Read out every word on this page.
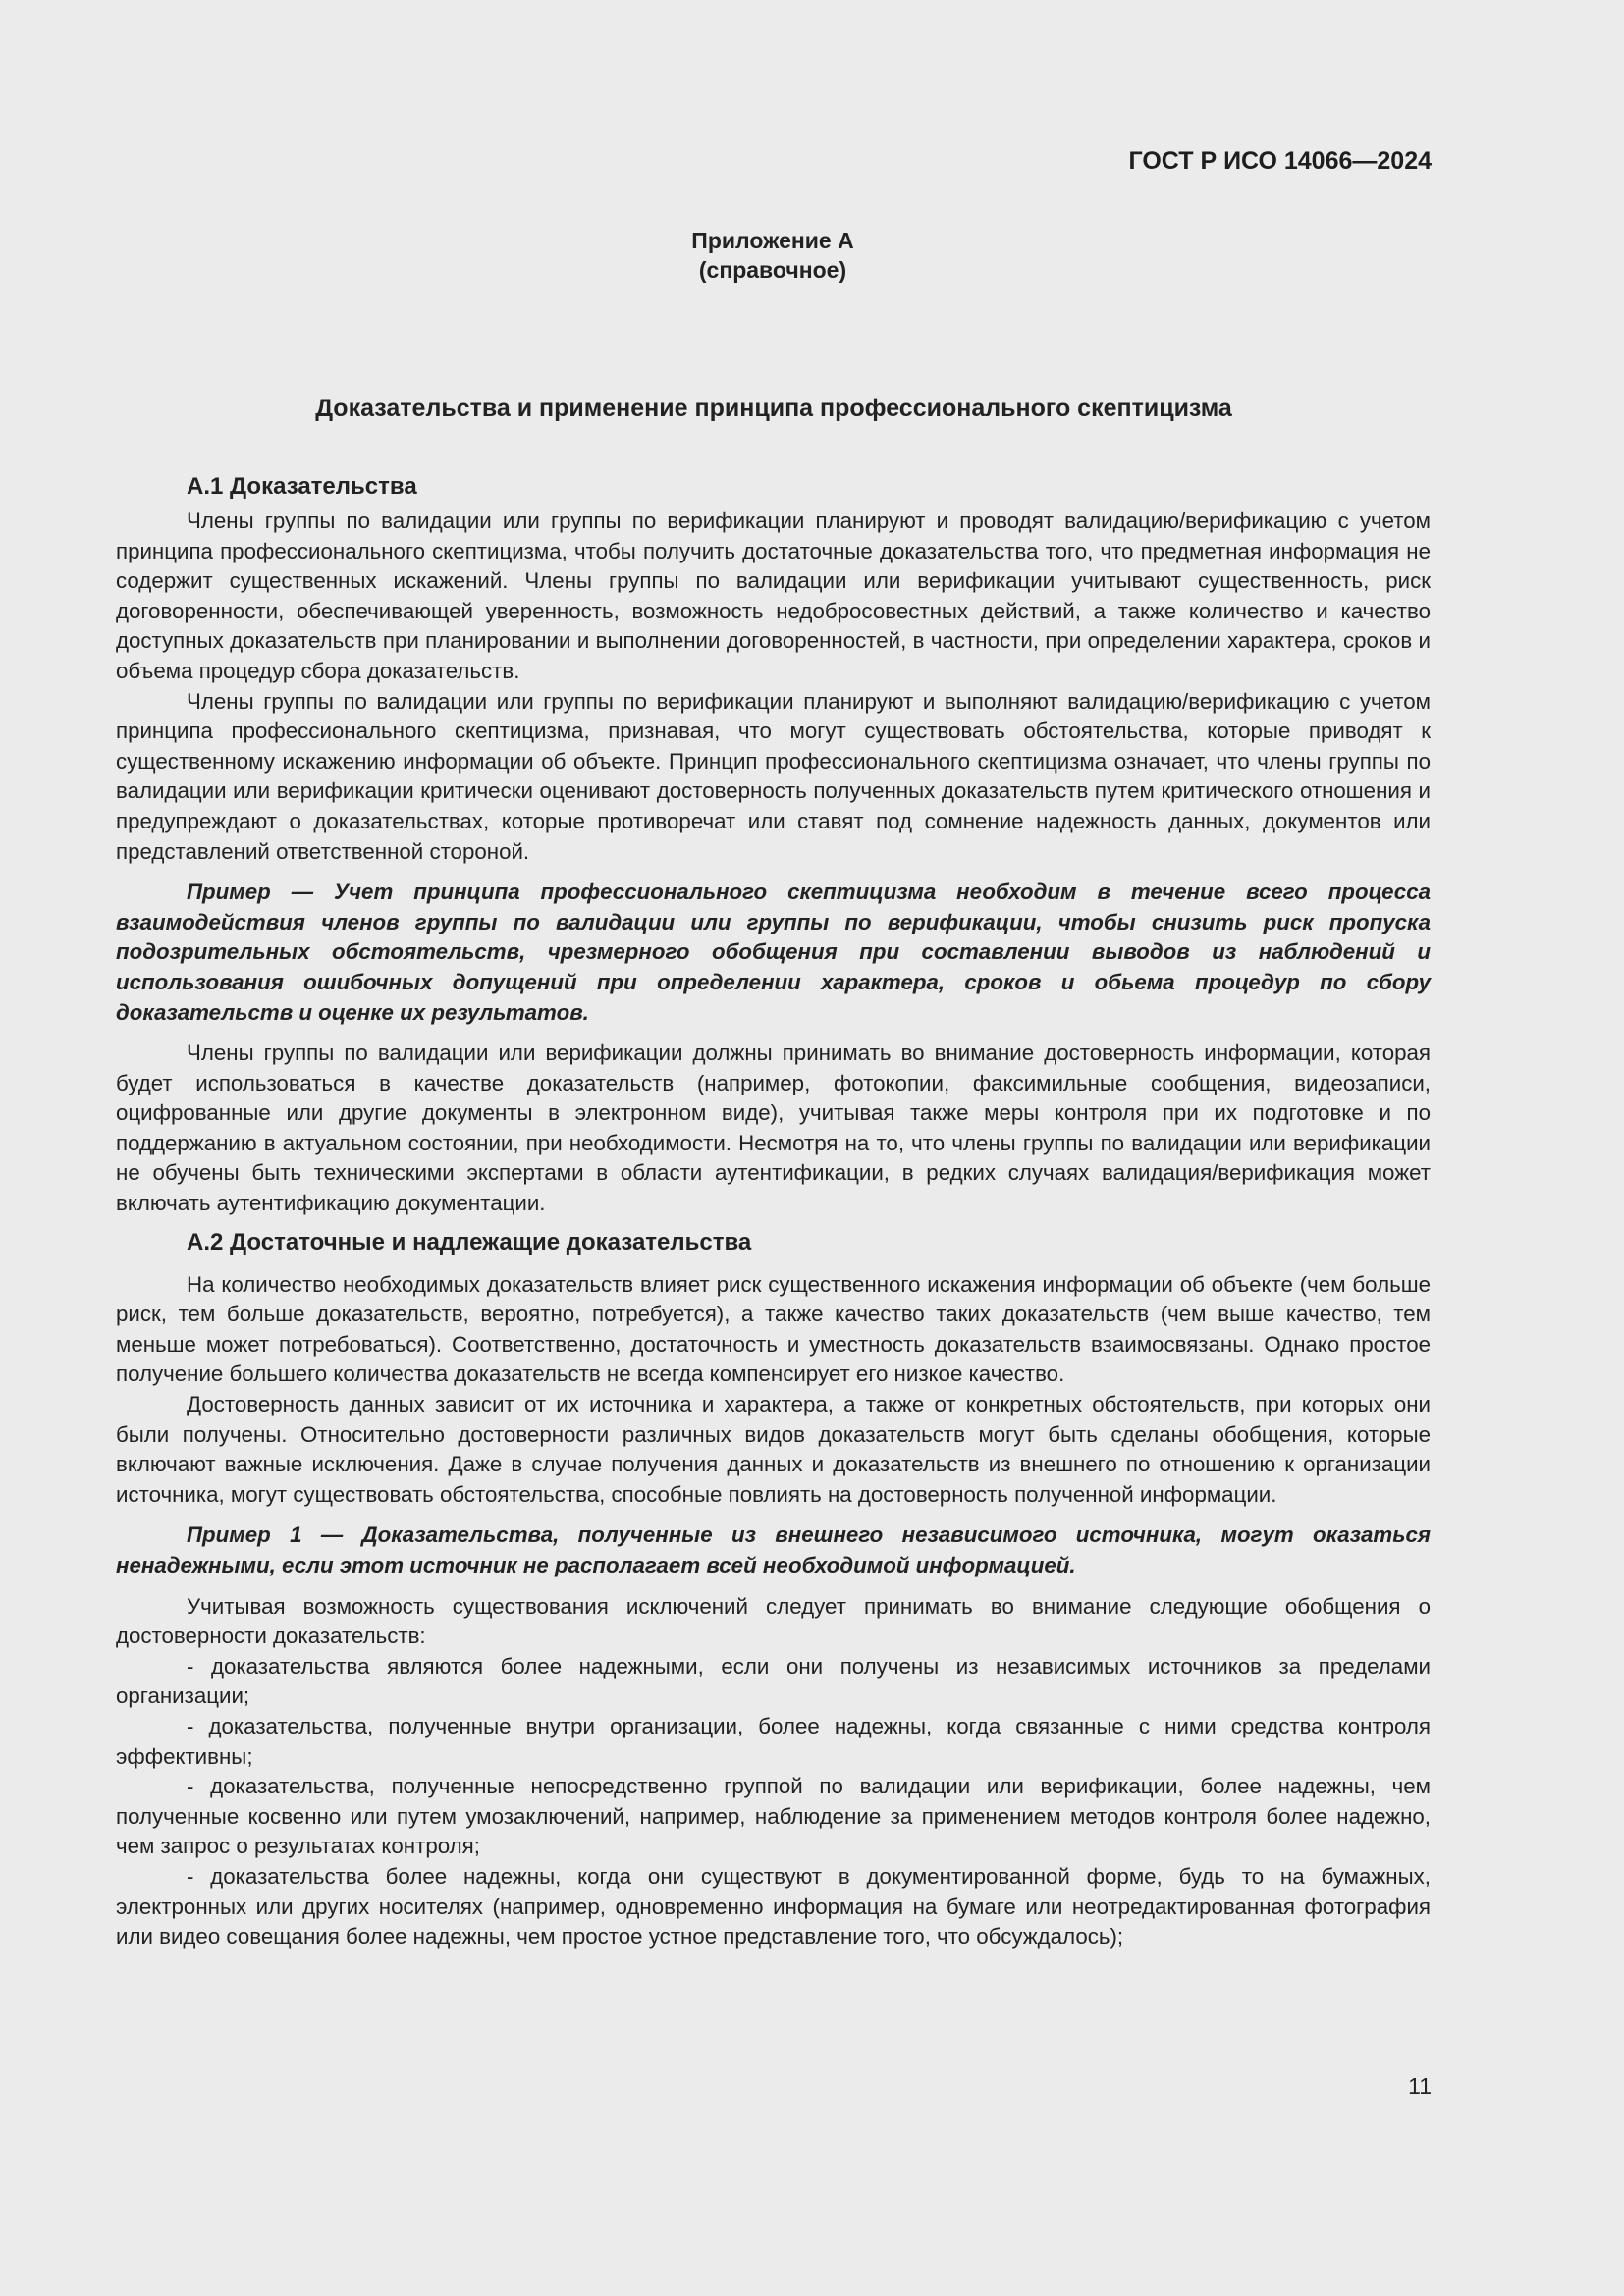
ГОСТ Р ИСО 14066—2024
Приложение А
(справочное)
Доказательства и применение принципа профессионального скептицизма
A.1 Доказательства

Члены группы по валидации или группы по верификации планируют и проводят валидацию/верификацию с учетом принципа профессионального скептицизма, чтобы получить достаточные доказательства того, что предметная информация не содержит существенных искажений. Члены группы по валидации или верификации учитывают существенность, риск договоренности, обеспечивающей уверенность, возможность недобросовестных действий, а также количество и качество доступных доказательств при планировании и выполнении договоренностей, в частности, при определении характера, сроков и объема процедур сбора доказательств.

Члены группы по валидации или группы по верификации планируют и выполняют валидацию/верификацию с учетом принципа профессионального скептицизма, признавая, что могут существовать обстоятельства, которые приводят к существенному искажению информации об объекте. Принцип профессионального скептицизма означает, что члены группы по валидации или верификации критически оценивают достоверность полученных доказательств путем критического отношения и предупреждают о доказательствах, которые противоречат или ставят под сомнение надежность данных, документов или представлений ответственной стороной.

Пример — Учет принципа профессионального скептицизма необходим в течение всего процесса взаимодействия членов группы по валидации или группы по верификации, чтобы снизить риск пропуска подозрительных обстоятельств, чрезмерного обобщения при составлении выводов из наблюдений и использования ошибочных допущений при определении характера, сроков и обьема процедур по сбору доказательств и оценке их результатов.

Члены группы по валидации или верификации должны принимать во внимание достоверность информации, которая будет использоваться в качестве доказательств (например, фотокопии, факсимильные сообщения, видеозаписи, оцифрованные или другие документы в электронном виде), учитывая также меры контроля при их подготовке и по поддержанию в актуальном состоянии, при необходимости. Несмотря на то, что члены группы по валидации или верификации не обучены быть техническими экспертами в области аутентификации, в редких случаях валидация/верификация может включать аутентификацию документации.

A.2 Достаточные и надлежащие доказательства

На количество необходимых доказательств влияет риск существенного искажения информации об объекте (чем больше риск, тем больше доказательств, вероятно, потребуется), а также качество таких доказательств (чем выше качество, тем меньше может потребоваться). Соответственно, достаточность и уместность доказательств взаимосвязаны. Однако простое получение большего количества доказательств не всегда компенсирует его низкое качество.

Достоверность данных зависит от их источника и характера, а также от конкретных обстоятельств, при которых они были получены. Относительно достоверности различных видов доказательств могут быть сделаны обобщения, которые включают важные исключения. Даже в случае получения данных и доказательств из внешнего по отношению к организации источника, могут существовать обстоятельства, способные повлиять на достоверность полученной информации.

Пример 1 — Доказательства, полученные из внешнего независимого источника, могут оказаться ненадежными, если этот источник не располагает всей необходимой информацией.

Учитывая возможность существования исключений следует принимать во внимание следующие обобщения о достоверности доказательств:

- доказательства являются более надежными, если они получены из независимых источников за пределами организации;

- доказательства, полученные внутри организации, более надежны, когда связанные с ними средства контроля эффективны;

- доказательства, полученные непосредственно группой по валидации или верификации, более надежны, чем полученные косвенно или путем умозаключений, например, наблюдение за применением методов контроля более надежно, чем запрос о результатах контроля;

- доказательства более надежны, когда они существуют в документированной форме, будь то на бумажных, электронных или других носителях (например, одновременно информация на бумаге или неотредактированная фотография или видео совещания более надежны, чем простое устное представление того, что обсуждалось);

11
